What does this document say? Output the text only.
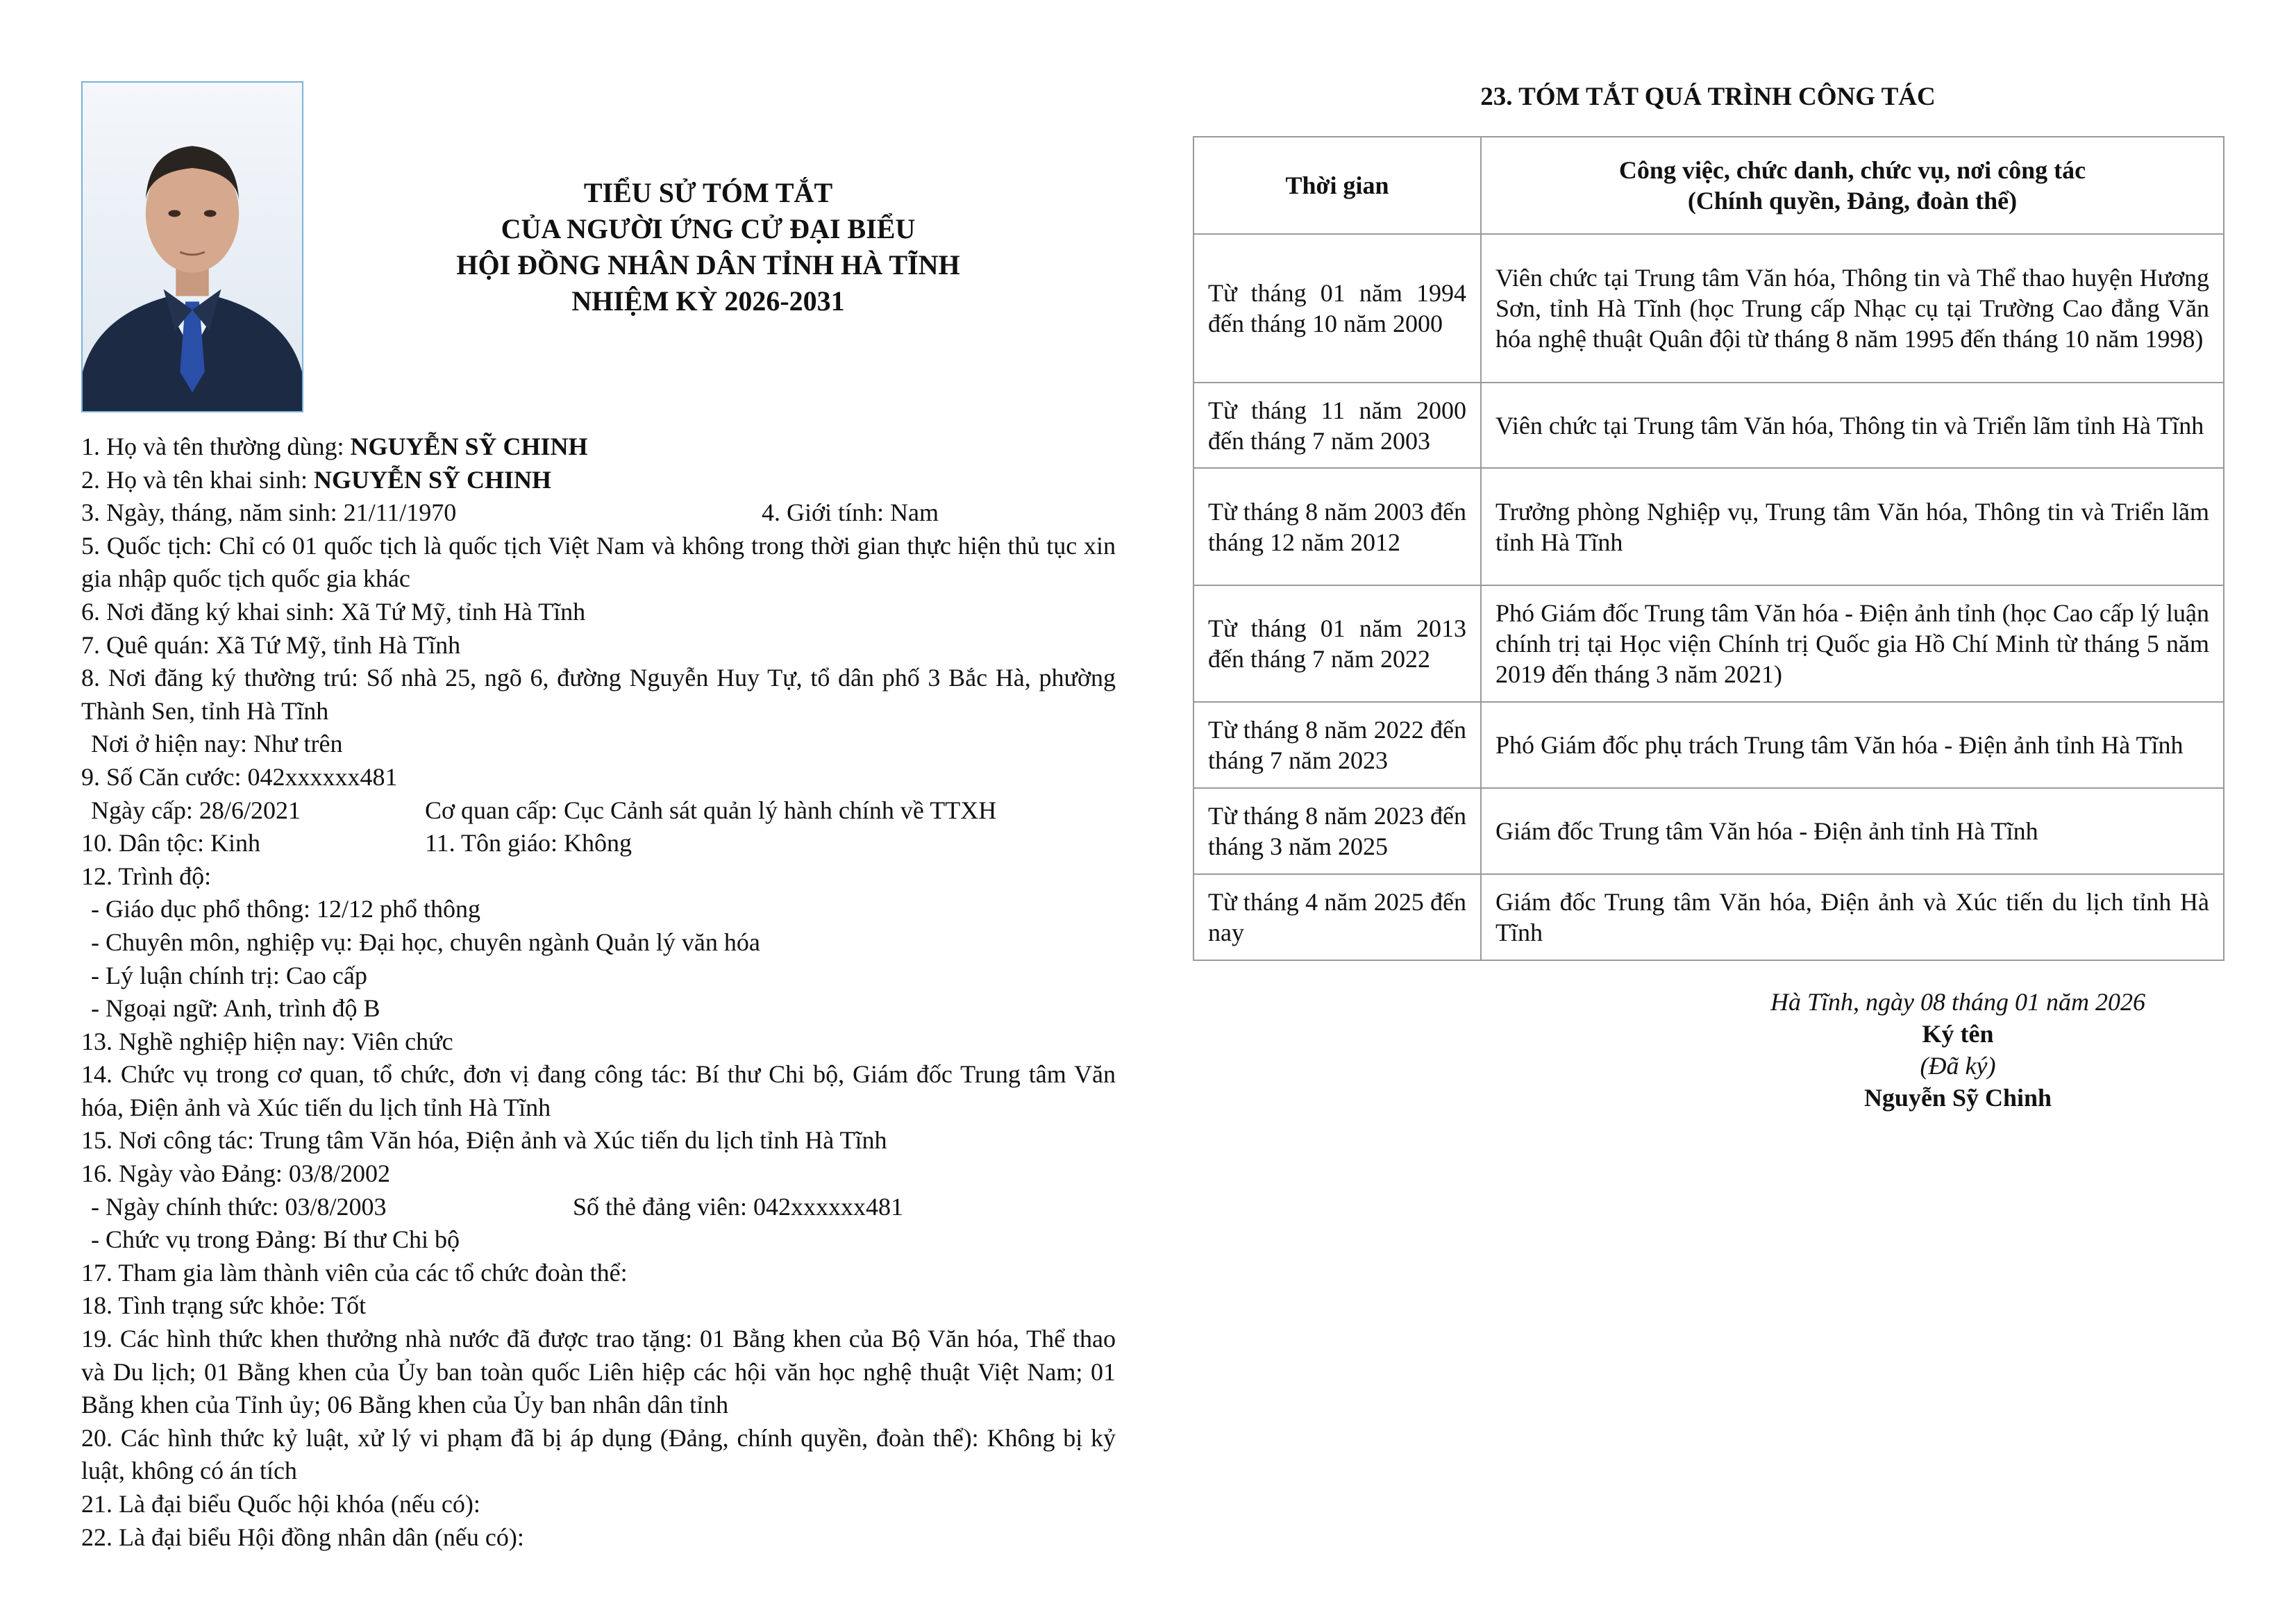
TIỂU SỬ TÓM TẮT
CỦA NGƯỜI ỨNG CỬ ĐẠI BIỂU
HỘI ĐỒNG NHÂN DÂN TỈNH HÀ TĨNH
NHIỆM KỲ 2026-2031
1. Họ và tên thường dùng: NGUYỄN SỸ CHINH
2. Họ và tên khai sinh: NGUYỄN SỸ CHINH
3. Ngày, tháng, năm sinh: 21/11/1970	4. Giới tính: Nam
5. Quốc tịch: Chỉ có 01 quốc tịch là quốc tịch Việt Nam và không trong thời gian thực hiện thủ tục xin gia nhập quốc tịch quốc gia khác
6. Nơi đăng ký khai sinh: Xã Tứ Mỹ, tỉnh Hà Tĩnh
7. Quê quán: Xã Tứ Mỹ, tỉnh Hà Tĩnh
8. Nơi đăng ký thường trú: Số nhà 25, ngõ 6, đường Nguyễn Huy Tự, tổ dân phố 3 Bắc Hà, phường Thành Sen, tỉnh Hà Tĩnh
Nơi ở hiện nay: Như trên
9. Số Căn cước: 042xxxxxx481
Ngày cấp: 28/6/2021	Cơ quan cấp: Cục Cảnh sát quản lý hành chính về TTXH
10. Dân tộc: Kinh	11. Tôn giáo: Không
12. Trình độ:
- Giáo dục phổ thông: 12/12 phổ thông
- Chuyên môn, nghiệp vụ: Đại học, chuyên ngành Quản lý văn hóa
- Lý luận chính trị: Cao cấp
- Ngoại ngữ: Anh, trình độ B
13. Nghề nghiệp hiện nay: Viên chức
14. Chức vụ trong cơ quan, tổ chức, đơn vị đang công tác: Bí thư Chi bộ, Giám đốc Trung tâm Văn hóa, Điện ảnh và Xúc tiến du lịch tỉnh Hà Tĩnh
15. Nơi công tác: Trung tâm Văn hóa, Điện ảnh và Xúc tiến du lịch tỉnh Hà Tĩnh
16. Ngày vào Đảng: 03/8/2002
- Ngày chính thức: 03/8/2003	Số thẻ đảng viên: 042xxxxxx481
- Chức vụ trong Đảng: Bí thư Chi bộ
17. Tham gia làm thành viên của các tổ chức đoàn thể:
18. Tình trạng sức khỏe: Tốt
19. Các hình thức khen thưởng nhà nước đã được trao tặng: 01 Bằng khen của Bộ Văn hóa, Thể thao và Du lịch; 01 Bằng khen của Ủy ban toàn quốc Liên hiệp các hội văn học nghệ thuật Việt Nam; 01 Bằng khen của Tỉnh ủy; 06 Bằng khen của Ủy ban nhân dân tỉnh
20. Các hình thức kỷ luật, xử lý vi phạm đã bị áp dụng (Đảng, chính quyền, đoàn thể): Không bị kỷ luật, không có án tích
21. Là đại biểu Quốc hội khóa (nếu có):
22. Là đại biểu Hội đồng nhân dân (nếu có):
23. TÓM TẮT QUÁ TRÌNH CÔNG TÁC
Thời gian	Công việc, chức danh, chức vụ, nơi công tác
(Chính quyền, Đảng, đoàn thể)

Từ tháng 01 năm 1994 đến tháng 10 năm 2000	Viên chức tại Trung tâm Văn hóa, Thông tin và Thể thao huyện Hương Sơn, tỉnh Hà Tĩnh (học Trung cấp Nhạc cụ tại Trường Cao đẳng Văn hóa nghệ thuật Quân đội từ tháng 8 năm 1995 đến tháng 10 năm 1998)
Từ tháng 11 năm 2000 đến tháng 7 năm 2003	Viên chức tại Trung tâm Văn hóa, Thông tin và Triển lãm tỉnh Hà Tĩnh
Từ tháng 8 năm 2003 đến tháng 12 năm 2012	Trưởng phòng Nghiệp vụ, Trung tâm Văn hóa, Thông tin và Triển lãm tỉnh Hà Tĩnh
Từ tháng 01 năm 2013 đến tháng 7 năm 2022	Phó Giám đốc Trung tâm Văn hóa - Điện ảnh tỉnh (học Cao cấp lý luận chính trị tại Học viện Chính trị Quốc gia Hồ Chí Minh từ tháng 5 năm 2019 đến tháng 3 năm 2021)
Từ tháng 8 năm 2022 đến tháng 7 năm 2023	Phó Giám đốc phụ trách Trung tâm Văn hóa - Điện ảnh tỉnh Hà Tĩnh
Từ tháng 8 năm 2023 đến tháng 3 năm 2025	Giám đốc Trung tâm Văn hóa - Điện ảnh tỉnh Hà Tĩnh
Từ tháng 4 năm 2025 đến nay	Giám đốc Trung tâm Văn hóa, Điện ảnh và Xúc tiến du lịch tỉnh Hà Tĩnh
Hà Tĩnh, ngày 08 tháng 01 năm 2026
Ký tên
(Đã ký)
Nguyễn Sỹ Chinh
